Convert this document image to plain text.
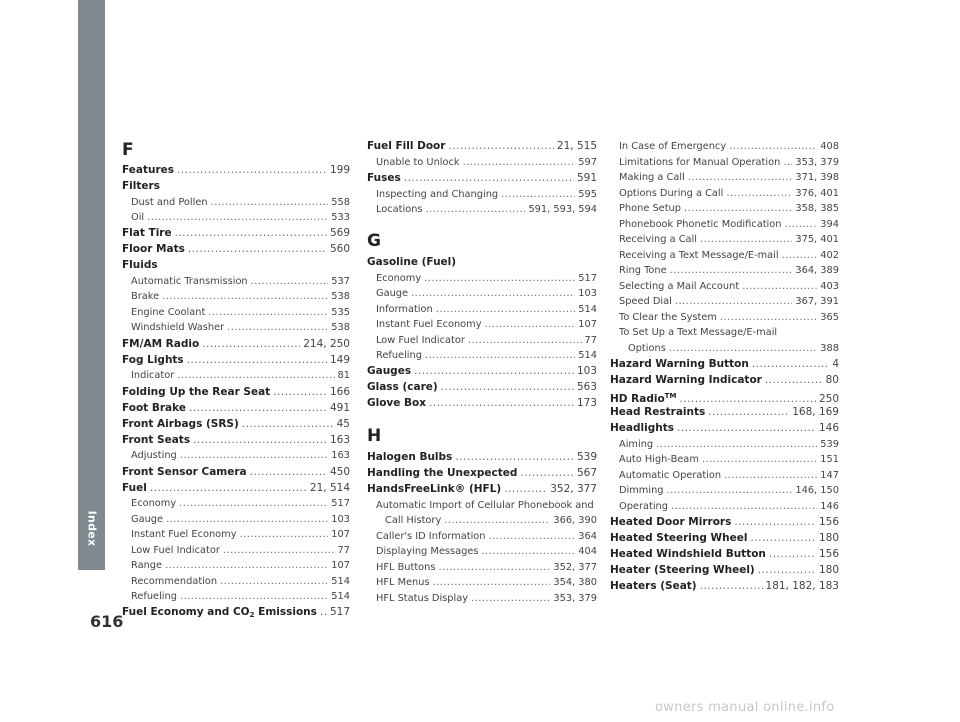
Index
616
F
Features .....	199
Filters
Dust and Pollen .....	558
Oil .....	533
Flat Tire .....	569
Floor Mats .....	560
Fluids
Automatic Transmission .....	537
Brake .....	538
Engine Coolant .....	535
Windshield Washer .....	538
FM/AM Radio .....	214, 250
Fog Lights .....	149
Indicator .....	81
Folding Up the Rear Seat .....	166
Foot Brake .....	491
Front Airbags (SRS) .....	45
Front Seats .....	163
Adjusting .....	163
Front Sensor Camera .....	450
Fuel .....	21, 514
Economy .....	517
Gauge .....	103
Instant Fuel Economy .....	107
Low Fuel Indicator .....	77
Range .....	107
Recommendation .....	514
Refueling .....	514
Fuel Economy and $CO_2$ Emissions ..... 517
Fuel Fill Door .....	21, 515
Unable to Unlock .....	597
Fuses .....	591
Inspecting and Changing .....	595
Locations .....	591, 593, 594
G
Gasoline (Fuel)
Economy .....	517
Gauge .....	103
Information .....	514
Instant Fuel Economy .....	107
Low Fuel Indicator .....	77
Refueling .....	514
Gauges .....	103
Glass (care) .....	563
Glove Box .....	173
H
Halogen Bulbs .....	539
Handling the Unexpected .....	567
HandsFreeLink® (HFL) .....	352, 377
Automatic Import of Cellular Phonebook and
Call History .....	366, 390
Caller's ID Information .....	364
Displaying Messages .....	404
HFL Buttons .....	352, 377
HFL Menus .....	354, 380
HFL Status Display .....	353, 379
In Case of Emergency .....	408
Limitations for Manual Operation ..... 353, 379
Making a Call .....	371, 398
Options During a Call .....	376, 401
Phone Setup .....	358, 385
Phonebook Phonetic Modification .....	394
Receiving a Call .....	375, 401
Receiving a Text Message/E-mail .....	402
Ring Tone .....	364, 389
Selecting a Mail Account .....	403
Speed Dial .....	367, 391
To Clear the System .....	365
To Set Up a Text Message/E-mail
Options .....	388
Hazard Warning Button .....	4
Hazard Warning Indicator .....	80
HD Radio™ .....	250
Head Restraints .....	168, 169
Headlights .....	146
Aiming .....	539
Auto High-Beam .....	151
Automatic Operation .....	147
Dimming .....	146, 150
Operating .....	146
Heated Door Mirrors .....	156
Heated Steering Wheel .....	180
Heated Windshield Button .....	156
Heater (Steering Wheel) .....	180
Heaters (Seat) .....	181, 182, 183
owners manual online.info
